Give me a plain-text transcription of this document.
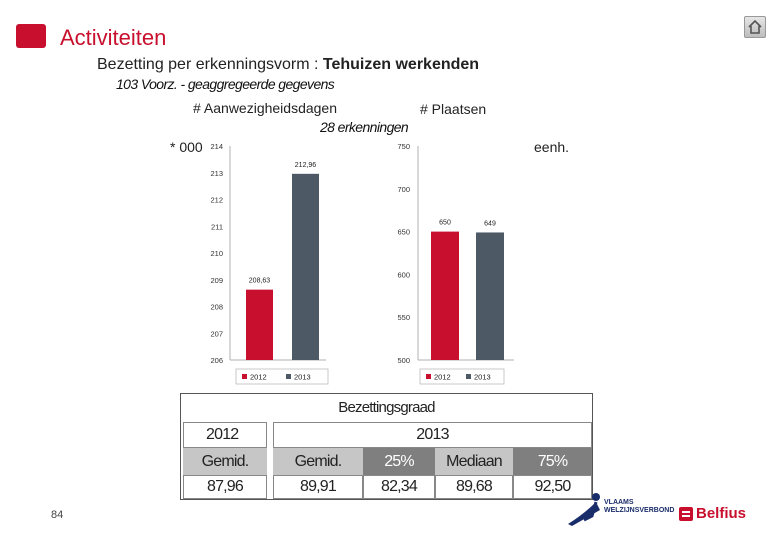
Activiteiten
Bezetting per erkenningsvorm : Tehuizen werkenden
103 Voorz. - geaggregeerde gegevens
# Aanwezigheidsdagen	# Plaatsen
28 erkenningen
* 000	eenh.
206
207
208
209
210
211
212
213
214
208,63
212,96
2012	2013
500
550
600
650
700
750
650	649
2012	2013
Bezettingsgraad
2012	2013
Gemid.	Gemid.	25%	Mediaan	75%
87,96	89,91	82,34	89,68	92,50
84
VLAAMS
WELZIJNSVERBOND Belfius
